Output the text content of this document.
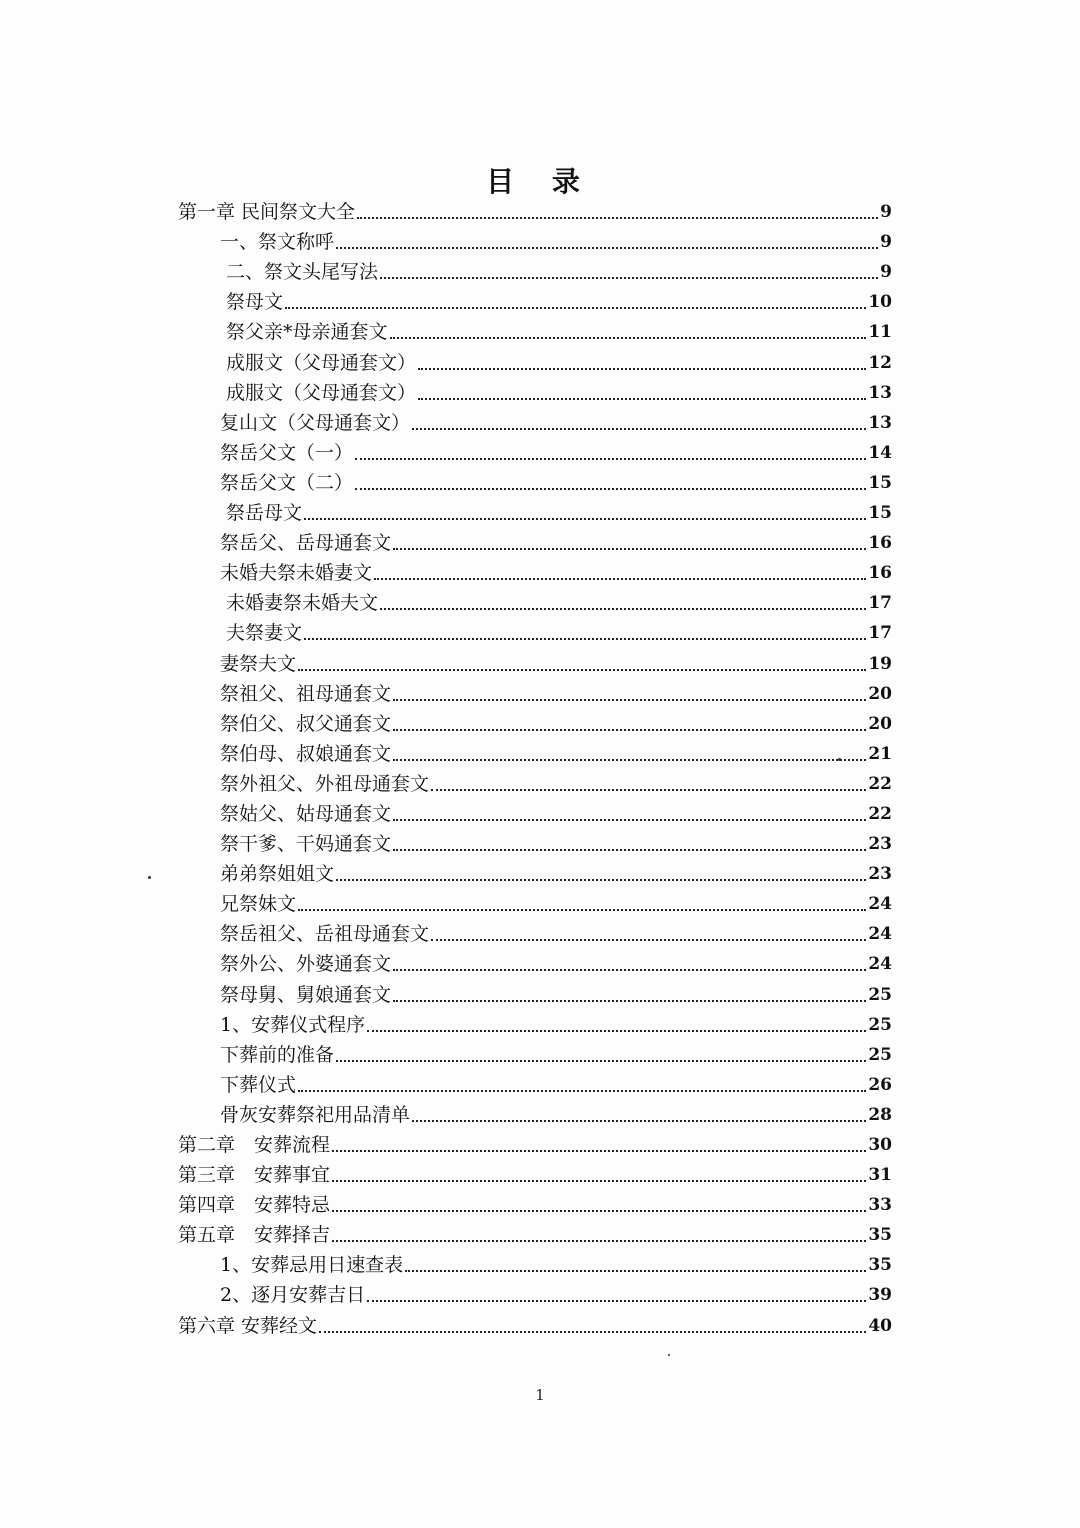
目 录
第一章 民间祭文大全	9
一、祭文称呼	9
二、祭文头尾写法	9
祭母文	10
祭父亲*母亲通套文	11
成服文（父母通套文）	12
成服文（父母通套文）	13
复山文（父母通套文）	13
祭岳父文（一）	14
祭岳父文（二）	15
祭岳母文	15
祭岳父、岳母通套文	16
未婚夫祭未婚妻文	16
未婚妻祭未婚夫文	17
夫祭妻文	17
妻祭夫文	19
祭祖父、祖母通套文	20
祭伯父、叔父通套文	20
祭伯母、叔娘通套文	21
祭外祖父、外祖母通套文	22
祭姑父、姑母通套文	22
祭干爹、干妈通套文	23
弟弟祭姐姐文	23
兄祭妹文	24
祭岳祖父、岳祖母通套文	24
祭外公、外婆通套文	24
祭母舅、舅娘通套文	25
1、安葬仪式程序	25
下葬前的准备	25
下葬仪式	26
骨灰安葬祭祀用品清单	28
第二章　安葬流程	30
第三章　安葬事宜	31
第四章　安葬特忌	33
第五章　安葬择吉	35
1、安葬忌用日速查表	35
2、逐月安葬吉日	39
第六章 安葬经文	40
1
